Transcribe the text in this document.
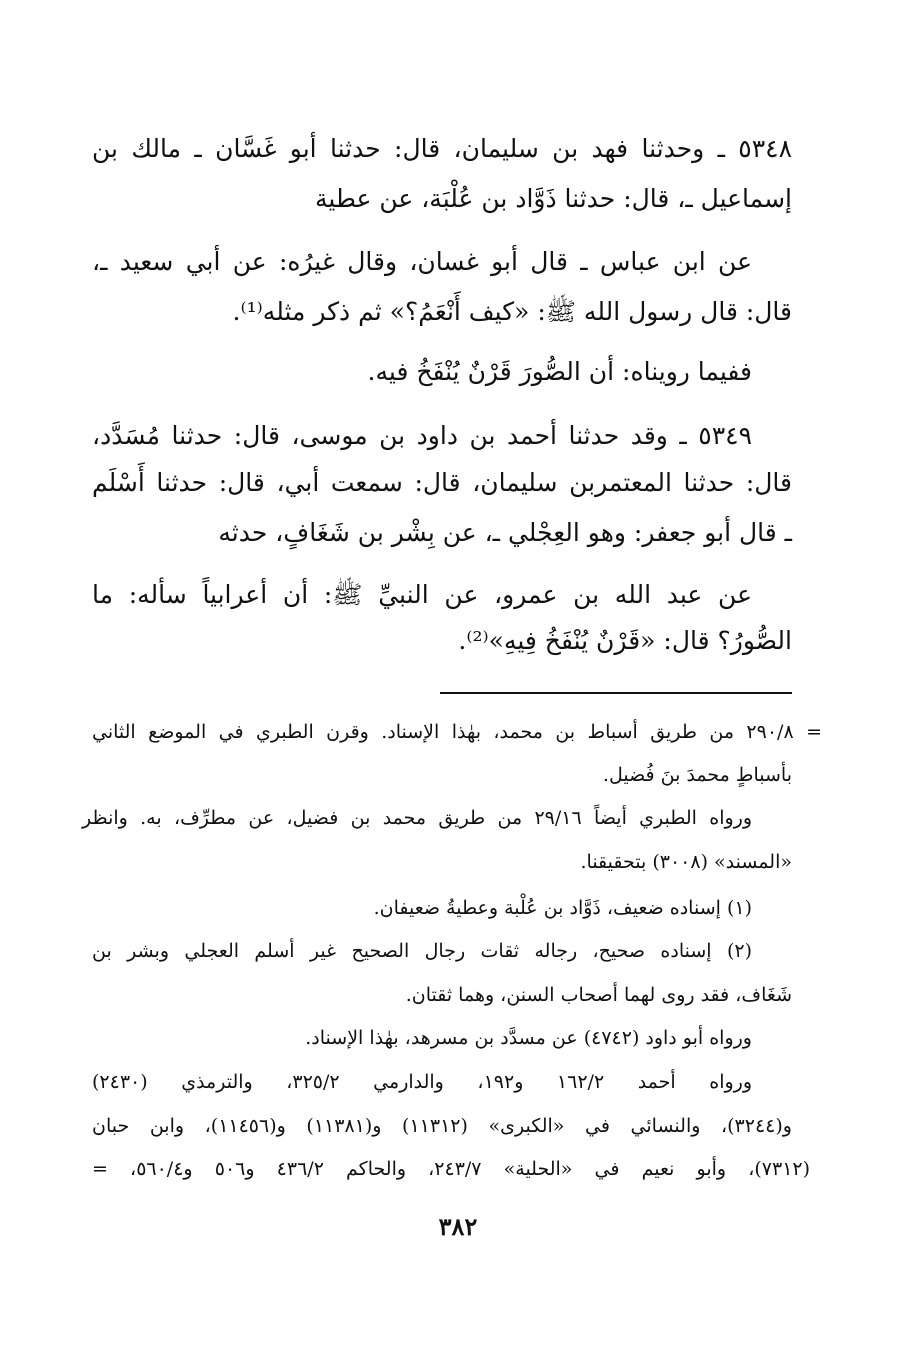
٥٣٤٨ ـ وحدثنا فهد بن سليمان، قال: حدثنا أبو غَسَّان ـ مالك بن
إسماعيل ـ، قال: حدثنا ذَوَّاد بن عُلْبَة، عن عطية
عن ابن عباس ـ قال أبو غسان، وقال غيرُه: عن أبي سعيد ـ،
قال: قال رسول الله ﷺ: «كيف أَنْعَمُ؟» ثم ذكر مثله⁽¹⁾.
ففيما رويناه: أن الصُّورَ قَرْنٌ يُنْفَخُ فيه.
٥٣٤٩ ـ وقد حدثنا أحمد بن داود بن موسى، قال: حدثنا مُسَدَّد،
قال: حدثنا المعتمربن سليمان، قال: سمعت أبي، قال: حدثنا أَسْلَم
ـ قال أبو جعفر: وهو العِجْلي ـ، عن بِشْر بن شَغَافٍ، حدثه
عن عبد الله بن عمرو، عن النبيِّ ﷺ: أن أعرابياً سأله: ما
الصُّورُ؟ قال: «قَرْنٌ يُنْفَخُ فِيهِ»⁽²⁾.
= ٢٩٠/٨ من طريق أسباط بن محمد، بهٰذا الإسناد. وقرن الطبري في الموضع الثاني
بأسباطٍ محمدَ بنَ فُضيل.
ورواه الطبري أيضاً ٢٩/١٦ من طريق محمد بن فضيل، عن مطرِّف، به. وانظر
«المسند» (٣٠٠٨) بتحقيقنا.
(١) إسناده ضعيف، ذَوَّاد بن عُلْبة وعطيةُ ضعيفان.
(٢) إسناده صحيح، رجاله ثقات رجال الصحيح غير أسلم العجلي وبشر بن
شَغَاف، فقد روى لهما أصحاب السنن، وهما ثقتان.
ورواه أبو داود (٤٧٤٢) عن مسدَّد بن مسرهد، بهٰذا الإسناد.
ورواه أحمد ١٦٢/٢ و١٩٢، والدارمي ٣٢٥/٢، والترمذي (٢٤٣٠)
و(٣٢٤٤)، والنسائي في «الكبرى» (١١٣١٢) و(١١٣٨١) و(١١٤٥٦)، وابن حبان
(٧٣١٢)، وأبو نعيم في «الحلية» ٢٤٣/٧، والحاكم ٤٣٦/٢ و٥٠٦ و٥٦٠/٤، =
٣٨٢
